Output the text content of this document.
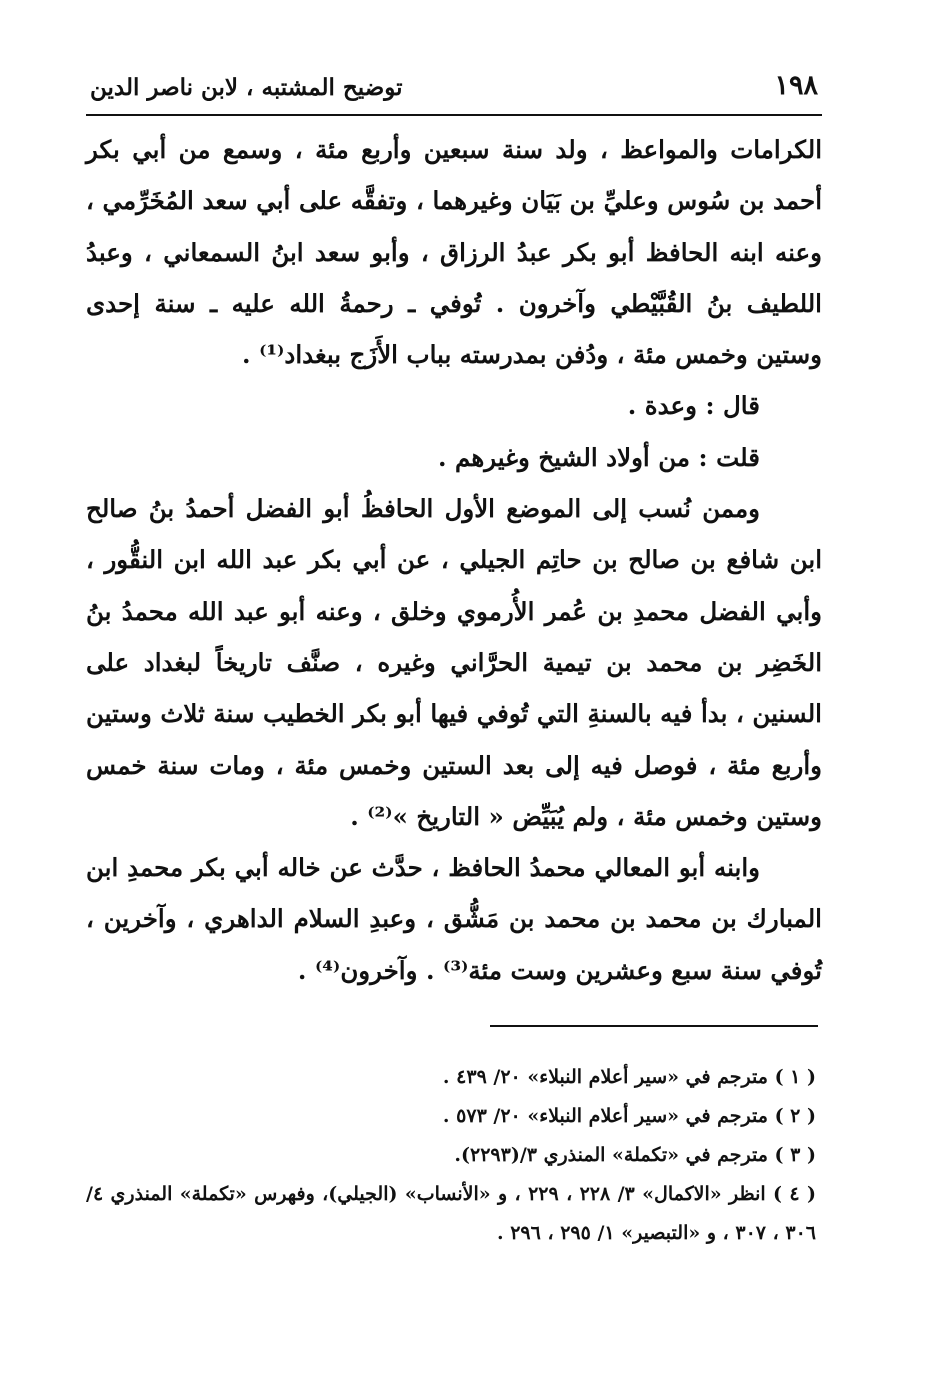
١٩٨
توضيح المشتبه ، لابن ناصر الدين

الكرامات والمواعظ ، ولد سنة سبعين وأربع مئة ، وسمع من أبي بكر أحمد بن سُوس وعليِّ بن بَيَان وغيرهما ، وتفقَّه على أبي سعد المُخَرِّمي ، وعنه ابنه الحافظ أبو بكر عبدُ الرزاق ، وأبو سعد ابنُ السمعاني ، وعبدُ اللطيف بنُ القُبَّيْطي وآخرون . تُوفي ـ رحمةُ الله عليه ـ سنة إحدى وستين وخمس مئة ، ودُفن بمدرسته بباب الأَزَج ببغداد⁽¹⁾ .

قال : وعدة .

قلت : من أولاد الشيخ وغيرهم .

وممن نُسب إلى الموضع الأول الحافظُ أبو الفضل أحمدُ بنُ صالح ابن شافع بن صالح بن حاتِم الجيلي ، عن أبي بكر عبد الله ابن النقُّور ، وأبي الفضل محمدِ بن عُمر الأُرموي وخلق ، وعنه أبو عبد الله محمدُ بنُ الخَضِر بن محمد بن تيمية الحرَّاني وغيره ، صنَّف تاريخاً لبغداد على السنين ، بدأ فيه بالسنةِ التي تُوفي فيها أبو بكر الخطيب سنة ثلاث وستين وأربع مئة ، فوصل فيه إلى بعد الستين وخمس مئة ، ومات سنة خمس وستين وخمس مئة ، ولم يُبَيِّض « التاريخ »⁽²⁾ .

وابنه أبو المعالي محمدُ الحافظ ، حدَّث عن خاله أبي بكر محمدِ ابن المبارك بن محمد بن محمد بن مَشُّق ، وعبدِ السلام الداهري ، وآخرين ، تُوفي سنة سبع وعشرين وست مئة⁽³⁾ . وآخرون⁽⁴⁾ .

( ١ ) مترجم في «سير أعلام النبلاء» ٢٠/ ٤٣٩ .

( ٢ ) مترجم في «سير أعلام النبلاء» ٢٠/ ٥٧٣ .

( ٣ ) مترجم في «تكملة» المنذري ٣/(٢٢٩٣).

( ٤ ) انظر «الاكمال» ٣/ ٢٢٨ ، ٢٢٩ ، و «الأنساب» (الجيلي)، وفهرس «تكملة» المنذري ٤/ ٣٠٦ ، ٣٠٧ ، و «التبصير» ١/ ٢٩٥ ، ٢٩٦ .
